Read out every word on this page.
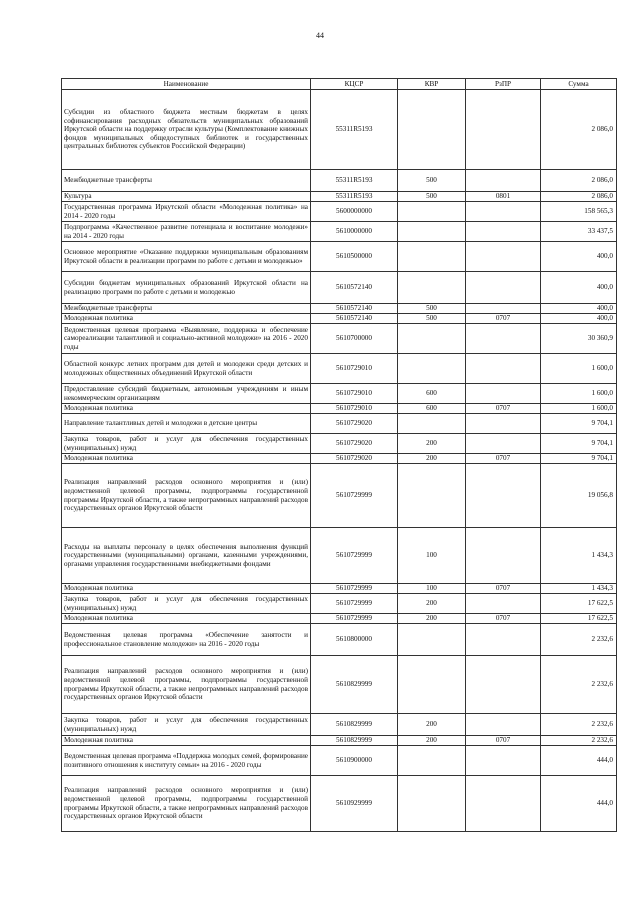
44
Наименование	КЦСР	КВР	РзПР	Сумма
Субсидии из областного бюджета местным бюджетам в целях софинансирования расходных обязательств муниципальных образований Иркутской области на поддержку отрасли культуры (Комплектование книжных фондов муниципальных общедоступных библиотек и государственных центральных библиотек субъектов Российской Федерации)	55311R5193			2 086,0
Межбюджетные трансферты	55311R5193	500		2 086,0
Культура	55311R5193	500	0801	2 086,0
Государственная программа Иркутской области «Молодежная политика» на 2014 - 2020 годы	5600000000			158 565,3
Подпрограмма «Качественное развитие потенциала и воспитание молодежи» на 2014 - 2020 годы	5610000000			33 437,5
Основное мероприятие «Оказание поддержки муниципальным образованиям Иркутской области в реализации программ по работе с детьми и молодежью»	5610500000			400,0
Субсидии бюджетам муниципальных образований Иркутской области на реализацию программ по работе с детьми и молодежью	5610572140			400,0
Межбюджетные трансферты	5610572140	500		400,0
Молодежная политика	5610572140	500	0707	400,0
Ведомственная целевая программа «Выявление, поддержка и обеспечение самореализации талантливой и социально-активной молодежи» на 2016 - 2020 годы	5610700000			30 360,9
Областной конкурс летних программ для детей и молодежи среди детских и молодежных общественных объединений Иркутской области	5610729010			1 600,0
Предоставление субсидий бюджетным, автономным учреждениям и иным некоммерческим организациям	5610729010	600		1 600,0
Молодежная политика	5610729010	600	0707	1 600,0
Направление талантливых детей и молодежи в детские центры	5610729020			9 704,1
Закупка товаров, работ и услуг для обеспечения государственных (муниципальных) нужд	5610729020	200		9 704,1
Молодежная политика	5610729020	200	0707	9 704,1
Реализация направлений расходов основного мероприятия и (или) ведомственной целевой программы, подпрограммы государственной программы Иркутской области, а также непрограммных направлений расходов государственных органов Иркутской области	5610729999			19 056,8
Расходы на выплаты персоналу в целях обеспечения выполнения функций государственными (муниципальными) органами, казенными учреждениями, органами управления государственными внебюджетными фондами	5610729999	100		1 434,3
Молодежная политика	5610729999	100	0707	1 434,3
Закупка товаров, работ и услуг для обеспечения государственных (муниципальных) нужд	5610729999	200		17 622,5
Молодежная политика	5610729999	200	0707	17 622,5
Ведомственная целевая программа «Обеспечение занятости и профессиональное становление молодежи» на 2016 - 2020 годы	5610800000			2 232,6
Реализация направлений расходов основного мероприятия и (или) ведомственной целевой программы, подпрограммы государственной программы Иркутской области, а также непрограммных направлений расходов государственных органов Иркутской области	5610829999			2 232,6
Закупка товаров, работ и услуг для обеспечения государственных (муниципальных) нужд	5610829999	200		2 232,6
Молодежная политика	5610829999	200	0707	2 232,6
Ведомственная целевая программа «Поддержка молодых семей, формирование позитивного отношения к институту семьи» на 2016 - 2020 годы	5610900000			444,0
Реализация направлений расходов основного мероприятия и (или) ведомственной целевой программы, подпрограммы государственной программы Иркутской области, а также непрограммных направлений расходов государственных органов Иркутской области	5610929999			444,0
